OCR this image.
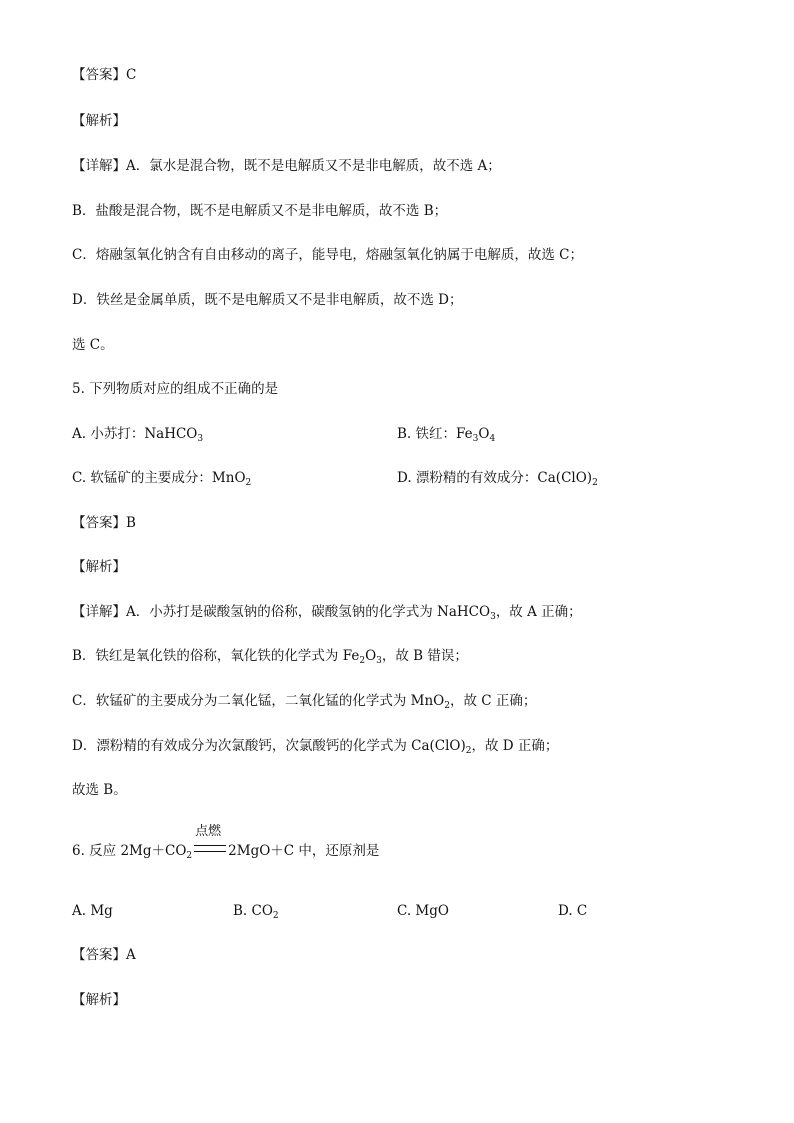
【答案】C
【解析】
【详解】A．氯水是混合物，既不是电解质又不是非电解质，故不选 A；
B．盐酸是混合物，既不是电解质又不是非电解质，故不选 B；
C．熔融氢氧化钠含有自由移动的离子，能导电，熔融氢氧化钠属于电解质，故选 C；
D．铁丝是金属单质，既不是电解质又不是非电解质，故不选 D；
选 C。
5. 下列物质对应的组成不正确的是
A. 小苏打：NaHCO$_3$	B. 铁红：$Fe_3O_4$
C. 软锰矿的主要成分：MnO$_2$	D. 漂粉精的有效成分：$Ca(ClO)_2$
【答案】B
【解析】
【详解】A．小苏打是碳酸氢钠的俗称，碳酸氢钠的化学式为 NaHCO$_3$，故 A 正确；
B．铁红是氧化铁的俗称，氧化铁的化学式为 $Fe_2O_3$，故 B 错误；
C．软锰矿的主要成分为二氧化锰，二氧化锰的化学式为 MnO$_2$，故 C 正确；
D．漂粉精的有效成分为次氯酸钙，次氯酸钙的化学式为 $Ca(ClO)_2$，故 D 正确；
故选 B。
6. 反应 $2Mg+CO_2$
点燃
2MgO＋C 中，还原剂是
A. Mg	B. $CO_2$	C. MgO	D. C
【答案】A
【解析】
